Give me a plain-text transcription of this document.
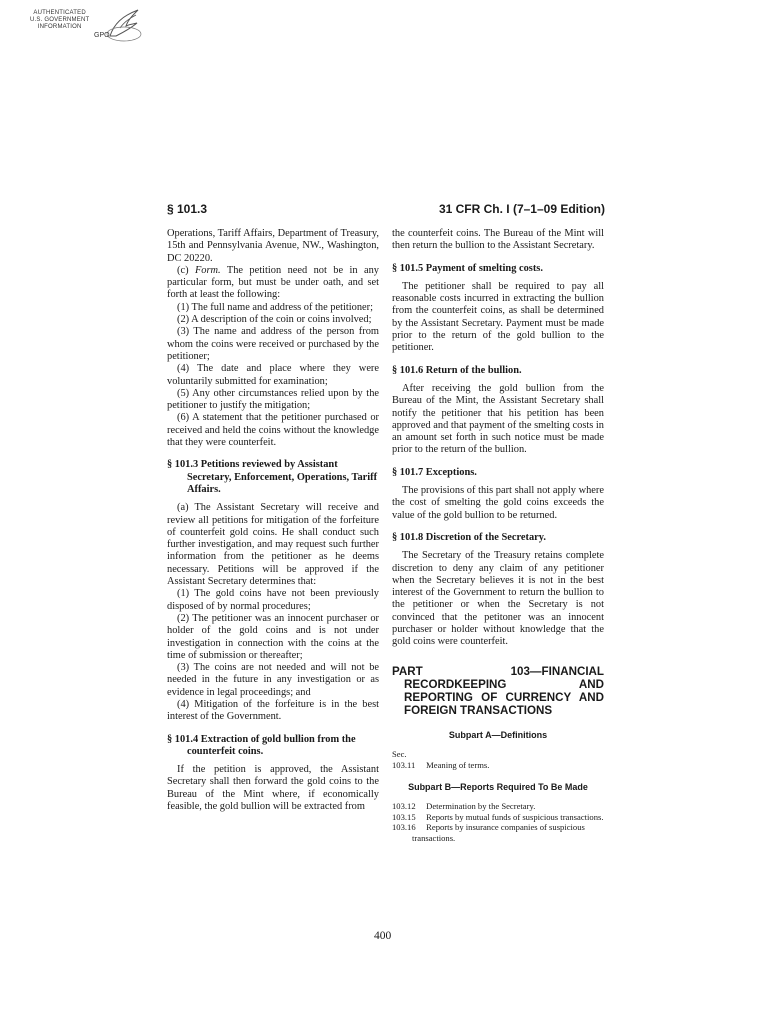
AUTHENTICATED
U.S. GOVERNMENT
INFORMATION
GPO
§ 101.3	31 CFR Ch. I (7–1–09 Edition)

Operations, Tariff Affairs, Department of Treasury, 15th and Pennsylvania Avenue, NW., Washington, DC 20220.

(c) Form. The petition need not be in any particular form, but must be under oath, and set forth at least the following:

(1) The full name and address of the petitioner;

(2) A description of the coin or coins involved;

(3) The name and address of the person from whom the coins were received or purchased by the petitioner;

(4) The date and place where they were voluntarily submitted for examination;

(5) Any other circumstances relied upon by the petitioner to justify the mitigation;

(6) A statement that the petitioner purchased or received and held the coins without the knowledge that they were counterfeit.

§ 101.3 Petitions reviewed by Assistant Secretary, Enforcement, Operations, Tariff Affairs.

(a) The Assistant Secretary will receive and review all petitions for mitigation of the forfeiture of counterfeit gold coins. He shall conduct such further investigation, and may request such further information from the petitioner as he deems necessary. Petitions will be approved if the Assistant Secretary determines that:

(1) The gold coins have not been previously disposed of by normal procedures;

(2) The petitioner was an innocent purchaser or holder of the gold coins and is not under investigation in connection with the coins at the time of submission or thereafter;

(3) The coins are not needed and will not be needed in the future in any investigation or as evidence in legal proceedings; and

(4) Mitigation of the forfeiture is in the best interest of the Government.

§ 101.4 Extraction of gold bullion from the counterfeit coins.

If the petition is approved, the Assistant Secretary shall then forward the gold coins to the Bureau of the Mint where, if economically feasible, the gold bullion will be extracted from

the counterfeit coins. The Bureau of the Mint will then return the bullion to the Assistant Secretary.

§ 101.5 Payment of smelting costs.

The petitioner shall be required to pay all reasonable costs incurred in extracting the bullion from the counterfeit coins, as shall be determined by the Assistant Secretary. Payment must be made prior to the return of the gold bullion to the petitioner.

§ 101.6 Return of the bullion.

After receiving the gold bullion from the Bureau of the Mint, the Assistant Secretary shall notify the petitioner that his petition has been approved and that payment of the smelting costs in an amount set forth in such notice must be made prior to the return of the bullion.

§ 101.7 Exceptions.

The provisions of this part shall not apply where the cost of smelting the gold coins exceeds the value of the gold bullion to be returned.

§ 101.8 Discretion of the Secretary.

The Secretary of the Treasury retains complete discretion to deny any claim of any petitioner when the Secretary believes it is not in the best interest of the Government to return the bullion to the petitioner or when the Secretary is not convinced that the petitoner was an innocent purchaser or holder without knowledge that the gold coins were counterfeit.

PART 103—FINANCIAL RECORDKEEPING AND REPORTING OF CURRENCY AND FOREIGN TRANSACTIONS
Subpart A—Definitions
Sec.
103.11 Meaning of terms.
Subpart B—Reports Required To Be Made
103.12 Determination by the Secretary.
103.15 Reports by mutual funds of suspicious transactions.
103.16 Reports by insurance companies of suspicious transactions.
400
